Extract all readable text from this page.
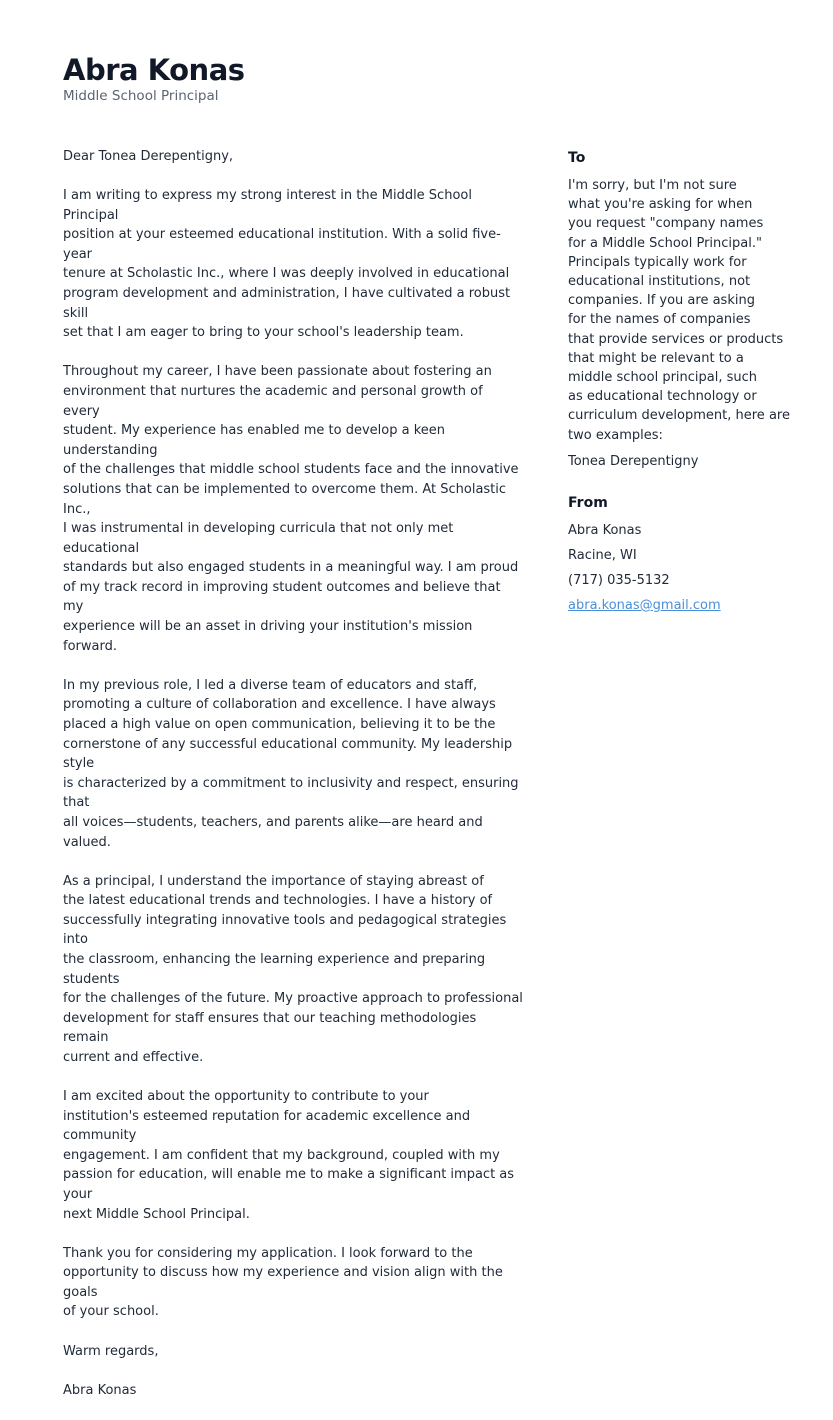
Abra Konas

Middle School Principal

Dear Tonea Derepentigny,

I am writing to express my strong interest in the Middle School Principal
position at your esteemed educational institution. With a solid five-year
tenure at Scholastic Inc., where I was deeply involved in educational
program development and administration, I have cultivated a robust skill
set that I am eager to bring to your school's leadership team.

Throughout my career, I have been passionate about fostering an
environment that nurtures the academic and personal growth of every
student. My experience has enabled me to develop a keen understanding
of the challenges that middle school students face and the innovative
solutions that can be implemented to overcome them. At Scholastic Inc.,
I was instrumental in developing curricula that not only met educational
standards but also engaged students in a meaningful way. I am proud
of my track record in improving student outcomes and believe that my
experience will be an asset in driving your institution's mission forward.

In my previous role, I led a diverse team of educators and staff,
promoting a culture of collaboration and excellence. I have always
placed a high value on open communication, believing it to be the
cornerstone of any successful educational community. My leadership style
is characterized by a commitment to inclusivity and respect, ensuring that
all voices—students, teachers, and parents alike—are heard and valued.

As a principal, I understand the importance of staying abreast of
the latest educational trends and technologies. I have a history of
successfully integrating innovative tools and pedagogical strategies into
the classroom, enhancing the learning experience and preparing students
for the challenges of the future. My proactive approach to professional
development for staff ensures that our teaching methodologies remain
current and effective.

I am excited about the opportunity to contribute to your
institution's esteemed reputation for academic excellence and community
engagement. I am confident that my background, coupled with my
passion for education, will enable me to make a significant impact as your
next Middle School Principal.

Thank you for considering my application. I look forward to the
opportunity to discuss how my experience and vision align with the goals
of your school.

Warm regards,

Abra Konas

To
I'm sorry, but I'm not sure
what you're asking for when
you request "company names
for a Middle School Principal."
Principals typically work for
educational institutions, not
companies. If you are asking
for the names of companies
that provide services or products
that might be relevant to a
middle school principal, such
as educational technology or
curriculum development, here are
two examples:
Tonea Derepentigny
From
Abra Konas
Racine, WI
(717) 035-5132
abra.konas@gmail.com
